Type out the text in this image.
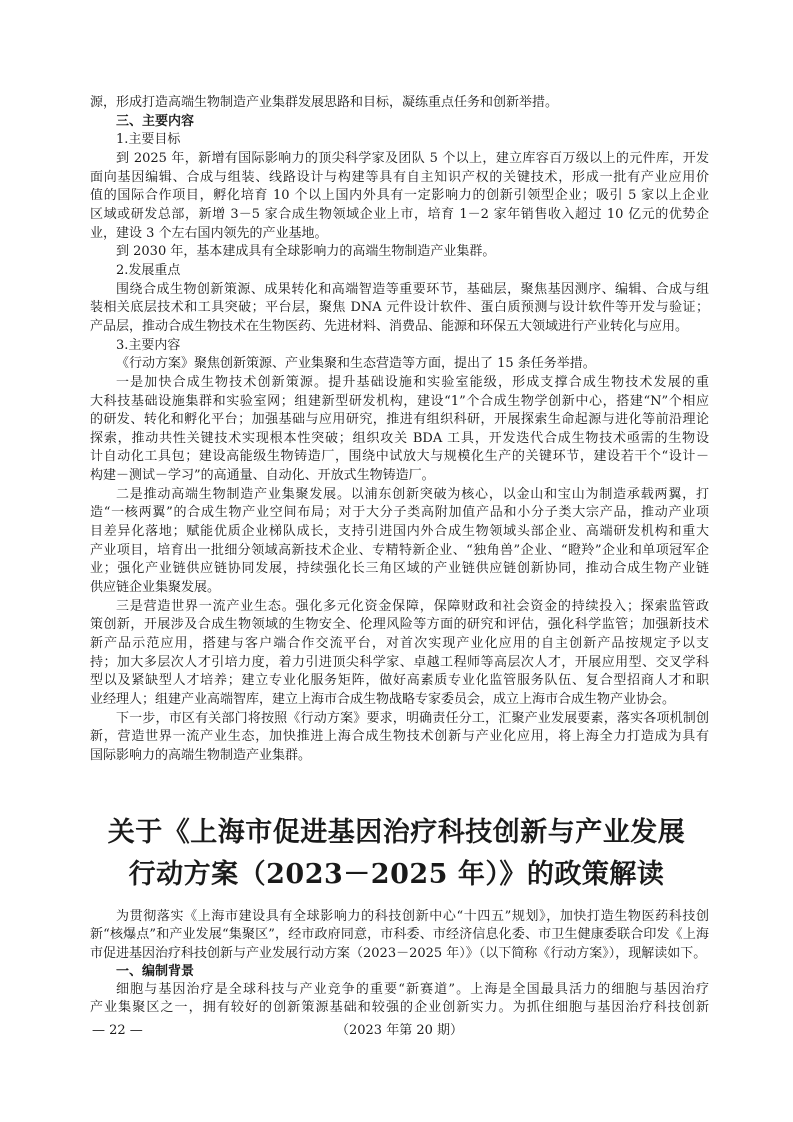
源，形成打造高端生物制造产业集群发展思路和目标，凝练重点任务和创新举措。
三、主要内容
1.主要目标
到 2025 年，新增有国际影响力的顶尖科学家及团队 5 个以上，建立库容百万级以上的元件库，开发
面向基因编辑、合成与组装、线路设计与构建等具有自主知识产权的关键技术，形成一批有产业应用价
值的国际合作项目，孵化培育 10 个以上国内外具有一定影响力的创新引领型企业；吸引 5 家以上企业
区域或研发总部，新增 3－5 家合成生物领域企业上市，培育 1－2 家年销售收入超过 10 亿元的优势企
业，建设 3 个左右国内领先的产业基地。
到 2030 年，基本建成具有全球影响力的高端生物制造产业集群。
2.发展重点
围绕合成生物创新策源、成果转化和高端智造等重要环节，基础层，聚焦基因测序、编辑、合成与组
装相关底层技术和工具突破；平台层，聚焦 DNA 元件设计软件、蛋白质预测与设计软件等开发与验证；
产品层，推动合成生物技术在生物医药、先进材料、消费品、能源和环保五大领域进行产业转化与应用。
3.主要内容
《行动方案》聚焦创新策源、产业集聚和生态营造等方面，提出了 15 条任务举措。
一是加快合成生物技术创新策源。提升基础设施和实验室能级，形成支撑合成生物技术发展的重
大科技基础设施集群和实验室网；组建新型研发机构，建设“1”个合成生物学创新中心，搭建“N”个相应
的研发、转化和孵化平台；加强基础与应用研究，推进有组织科研，开展探索生命起源与进化等前沿理论
探索，推动共性关键技术实现根本性突破；组织攻关 BDA 工具，开发迭代合成生物技术亟需的生物设
计自动化工具包；建设高能级生物铸造厂，围绕中试放大与规模化生产的关键环节，建设若干个“设计－
构建－测试－学习”的高通量、自动化、开放式生物铸造厂。
二是推动高端生物制造产业集聚发展。以浦东创新突破为核心，以金山和宝山为制造承载两翼，打
造“一核两翼”的合成生物产业空间布局；对于大分子类高附加值产品和小分子类大宗产品，推动产业项
目差异化落地；赋能优质企业梯队成长，支持引进国内外合成生物领域头部企业、高端研发机构和重大
产业项目，培育出一批细分领域高新技术企业、专精特新企业、“独角兽”企业、“瞪羚”企业和单项冠军企
业；强化产业链供应链协同发展，持续强化长三角区域的产业链供应链创新协同，推动合成生物产业链
供应链企业集聚发展。
三是营造世界一流产业生态。强化多元化资金保障，保障财政和社会资金的持续投入；探索监管政
策创新，开展涉及合成生物领域的生物安全、伦理风险等方面的研究和评估，强化科学监管；加强新技术
新产品示范应用，搭建与客户端合作交流平台，对首次实现产业化应用的自主创新产品按规定予以支
持；加大多层次人才引培力度，着力引进顶尖科学家、卓越工程师等高层次人才，开展应用型、交叉学科
型以及紧缺型人才培养；建立专业化服务矩阵，做好高素质专业化监管服务队伍、复合型招商人才和职
业经理人；组建产业高端智库，建立上海市合成生物战略专家委员会，成立上海市合成生物产业协会。
下一步，市区有关部门将按照《行动方案》要求，明确责任分工，汇聚产业发展要素，落实各项机制创
新，营造世界一流产业生态，加快推进上海合成生物技术创新与产业化应用，将上海全力打造成为具有
国际影响力的高端生物制造产业集群。
关于《上海市促进基因治疗科技创新与产业发展
行动方案（2023－2025 年）》的政策解读
为贯彻落实《上海市建设具有全球影响力的科技创新中心“十四五”规划》，加快打造生物医药科技创
新“核爆点”和产业发展“集聚区”，经市政府同意，市科委、市经济信息化委、市卫生健康委联合印发《上海
市促进基因治疗科技创新与产业发展行动方案（2023－2025 年）》（以下简称《行动方案》），现解读如下。
一、编制背景
细胞与基因治疗是全球科技与产业竞争的重要“新赛道”。上海是全国最具活力的细胞与基因治疗
产业集聚区之一，拥有较好的创新策源基础和较强的企业创新实力。为抓住细胞与基因治疗科技创新
— 22 —	（2023 年第 20 期）
